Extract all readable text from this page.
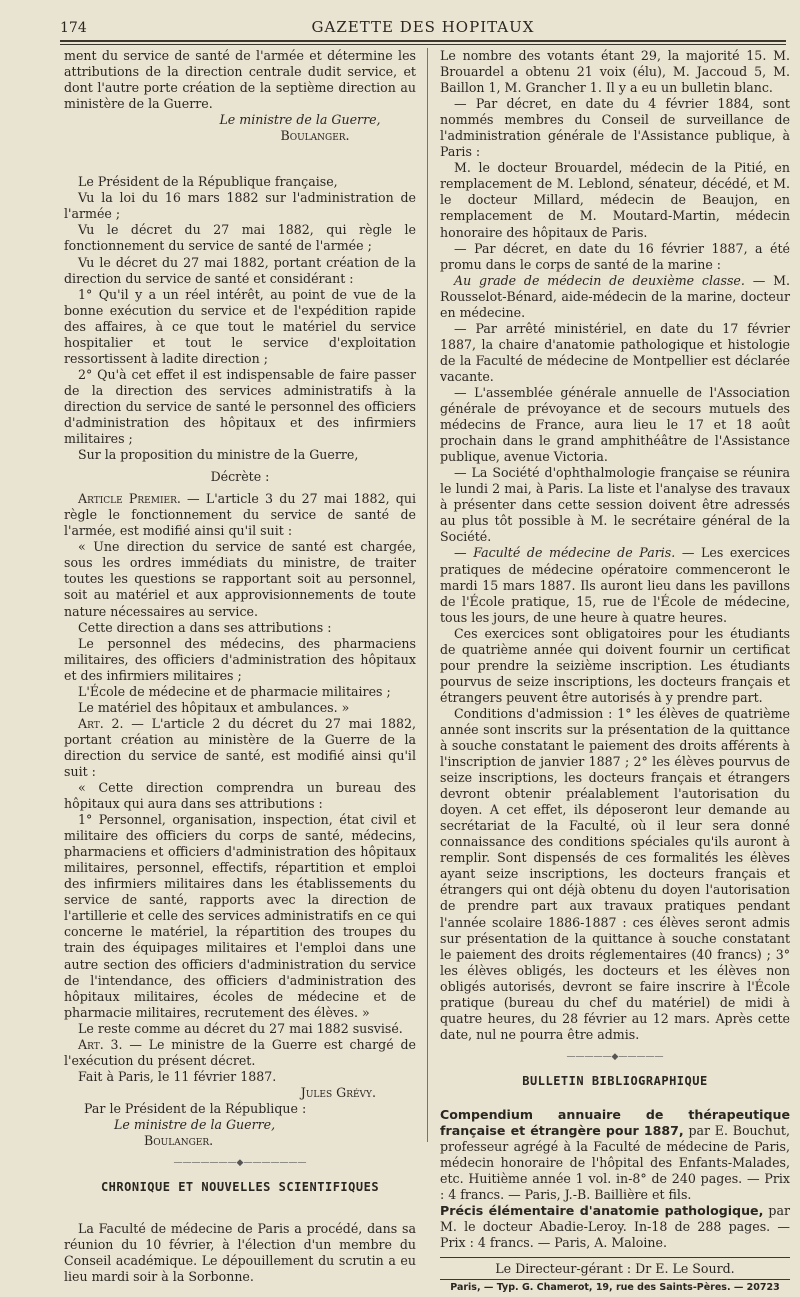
174	GAZETTE DES HOPITAUX

ment du service de santé de l'armée et détermine les attributions de la direction centrale dudit service, et dont l'autre porte création de la septième direction au ministère de la Guerre.

Le ministre de la Guerre,

Boulanger.

Le Président de la République française,

Vu la loi du 16 mars 1882 sur l'administration de l'armée ;

Vu le décret du 27 mai 1882, qui règle le fonctionnement du service de santé de l'armée ;

Vu le décret du 27 mai 1882, portant création de la direction du service de santé et considérant :

1° Qu'il y a un réel intérêt, au point de vue de la bonne exécution du service et de l'expédition rapide des affaires, à ce que tout le matériel du service hospitalier et tout le service d'exploitation ressortissent à ladite direction ;

2° Qu'à cet effet il est indispensable de faire passer de la direction des services administratifs à la direction du service de santé le personnel des officiers d'administration des hôpitaux et des infirmiers militaires ;

Sur la proposition du ministre de la Guerre,

Décrète :

Article Premier. — L'article 3 du 27 mai 1882, qui règle le fonctionnement du service de santé de l'armée, est modifié ainsi qu'il suit :

« Une direction du service de santé est chargée, sous les ordres immédiats du ministre, de traiter toutes les questions se rapportant soit au personnel, soit au matériel et aux approvisionnements de toute nature nécessaires au service.

Cette direction a dans ses attributions :

Le personnel des médecins, des pharmaciens militaires, des officiers d'administration des hôpitaux et des infirmiers militaires ;

L'École de médecine et de pharmacie militaires ;

Le matériel des hôpitaux et ambulances. »

Art. 2. — L'article 2 du décret du 27 mai 1882, portant création au ministère de la Guerre de la direction du service de santé, est modifié ainsi qu'il suit :

« Cette direction comprendra un bureau des hôpitaux qui aura dans ses attributions :

1° Personnel, organisation, inspection, état civil et militaire des officiers du corps de santé, médecins, pharmaciens et officiers d'administration des hôpitaux militaires, personnel, effectifs, répartition et emploi des infirmiers militaires dans les établissements du service de santé, rapports avec la direction de l'artillerie et celle des services administratifs en ce qui concerne le matériel, la répartition des troupes du train des équipages militaires et l'emploi dans une autre section des officiers d'administration du service de l'intendance, des officiers d'administration des hôpitaux militaires, écoles de médecine et de pharmacie militaires, recrutement des élèves. »

Le reste comme au décret du 27 mai 1882 susvisé.

Art. 3. — Le ministre de la Guerre est chargé de l'exécution du présent décret.

Fait à Paris, le 11 février 1887.

Jules Grévy.

Par le Président de la République :

Le ministre de la Guerre,

Boulanger.

———————◆———————
CHRONIQUE ET NOUVELLES SCIENTIFIQUES

La Faculté de médecine de Paris a procédé, dans sa réunion du 10 février, à l'élection d'un membre du Conseil académique. Le dépouillement du scrutin a eu lieu mardi soir à la Sorbonne.

Le nombre des votants étant 29, la majorité 15. M. Brouardel a obtenu 21 voix (élu), M. Jaccoud 5, M. Baillon 1, M. Grancher 1. Il y a eu un bulletin blanc.

— Par décret, en date du 4 février 1884, sont nommés membres du Conseil de surveillance de l'administration générale de l'Assistance publique, à Paris :

M. le docteur Brouardel, médecin de la Pitié, en remplacement de M. Leblond, sénateur, décédé, et M. le docteur Millard, médecin de Beaujon, en remplacement de M. Moutard-Martin, médecin honoraire des hôpitaux de Paris.

— Par décret, en date du 16 février 1887, a été promu dans le corps de santé de la marine :

Au grade de médecin de deuxième classe. — M. Rousselot-Bénard, aide-médecin de la marine, docteur en médecine.

— Par arrêté ministériel, en date du 17 février 1887, la chaire d'anatomie pathologique et histologie de la Faculté de médecine de Montpellier est déclarée vacante.

— L'assemblée générale annuelle de l'Association générale de prévoyance et de secours mutuels des médecins de France, aura lieu le 17 et 18 août prochain dans le grand amphithéâtre de l'Assistance publique, avenue Victoria.

— La Société d'ophthalmologie française se réunira le lundi 2 mai, à Paris. La liste et l'analyse des travaux à présenter dans cette session doivent être adressés au plus tôt possible à M. le secrétaire général de la Société.

— Faculté de médecine de Paris. — Les exercices pratiques de médecine opératoire commenceront le mardi 15 mars 1887. Ils auront lieu dans les pavillons de l'École pratique, 15, rue de l'École de médecine, tous les jours, de une heure à quatre heures.

Ces exercices sont obligatoires pour les étudiants de quatrième année qui doivent fournir un certificat pour prendre la seizième inscription. Les étudiants pourvus de seize inscriptions, les docteurs français et étrangers peuvent être autorisés à y prendre part.

Conditions d'admission : 1° les élèves de quatrième année sont inscrits sur la présentation de la quittance à souche constatant le paiement des droits afférents à l'inscription de janvier 1887 ; 2° les élèves pourvus de seize inscriptions, les docteurs français et étrangers devront obtenir préalablement l'autorisation du doyen. A cet effet, ils déposeront leur demande au secrétariat de la Faculté, où il leur sera donné connaissance des conditions spéciales qu'ils auront à remplir. Sont dispensés de ces formalités les élèves ayant seize inscriptions, les docteurs français et étrangers qui ont déjà obtenu du doyen l'autorisation de prendre part aux travaux pratiques pendant l'année scolaire 1886-1887 : ces élèves seront admis sur présentation de la quittance à souche constatant le paiement des droits réglementaires (40 francs) ; 3° les élèves obligés, les docteurs et les élèves non obligés autorisés, devront se faire inscrire à l'École pratique (bureau du chef du matériel) de midi à quatre heures, du 28 février au 12 mars. Après cette date, nul ne pourra être admis.

—————◆—————
BULLETIN BIBLIOGRAPHIQUE

Compendium annuaire de thérapeutique française et étrangère pour 1887, par E. Bouchut, professeur agrégé à la Faculté de médecine de Paris, médecin honoraire de l'hôpital des Enfants-Malades, etc. Huitième année 1 vol. in-8° de 240 pages. — Prix : 4 francs. — Paris, J.-B. Baillière et fils.

Précis élémentaire d'anatomie pathologique, par M. le docteur Abadie-Leroy. In-18 de 288 pages. — Prix : 4 francs. — Paris, A. Maloine.

Le Directeur-gérant : Dr E. Le Sourd.
Paris, — Typ. G. Chamerot, 19, rue des Saints-Pères. — 20723
